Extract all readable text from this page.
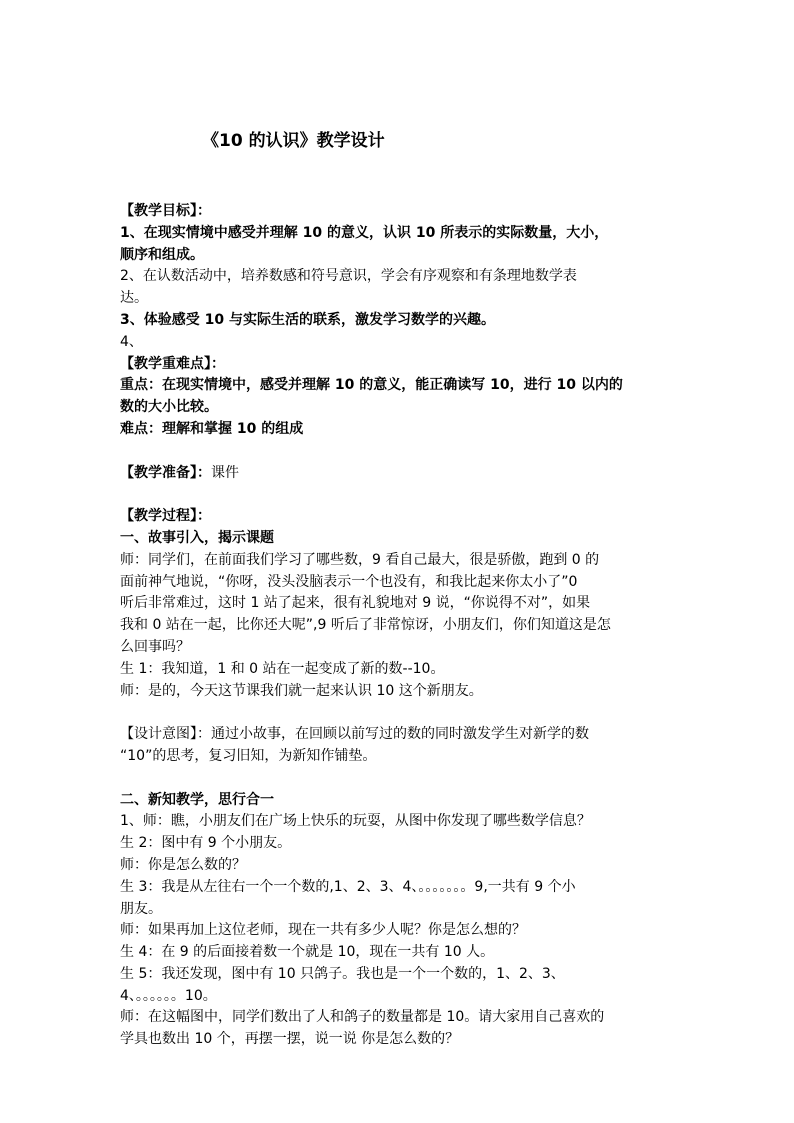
《10 的认识》教学设计

【教学目标】：

1、在现实情境中感受并理解 10 的意义，认识 10 所表示的实际数量，大小，

顺序和组成。

2、在认数活动中，培养数感和符号意识，学会有序观察和有条理地数学表

达。

3、体验感受 10 与实际生活的联系，激发学习数学的兴趣。

4、

【教学重难点】：

重点：在现实情境中，感受并理解 10 的意义，能正确读写 10，进行 10 以内的

数的大小比较。

难点：理解和掌握 10 的组成

【教学准备】：课件

【教学过程】：

一、故事引入，揭示课题

师：同学们，在前面我们学习了哪些数，9 看自己最大，很是骄傲，跑到 0 的

面前神气地说，“你呀，没头没脑表示一个也没有，和我比起来你太小了”0

听后非常难过，这时 1 站了起来，很有礼貌地对 9 说，“你说得不对”，如果

我和 0 站在一起，比你还大呢”,9 听后了非常惊讶，小朋友们，你们知道这是怎

么回事吗？

生 1：我知道，1 和 0 站在一起变成了新的数--10。

师：是的，今天这节课我们就一起来认识 10 这个新朋友。

【设计意图】：通过小故事，在回顾以前写过的数的同时激发学生对新学的数

“10”的思考，复习旧知，为新知作铺垫。

二、新知教学，思行合一

1、师：瞧，小朋友们在广场上快乐的玩耍，从图中你发现了哪些数学信息？

生 2：图中有 9 个小朋友。

师：你是怎么数的？

生 3：我是从左往右一个一个数的,1、2、3、4、。。。。。。。9,一共有 9 个小

朋友。

师：如果再加上这位老师，现在一共有多少人呢？你是怎么想的？

生 4：在 9 的后面接着数一个就是 10，现在一共有 10 人。

生 5：我还发现，图中有 10 只鸽子。我也是一个一个数的，1、2、3、

4、。。。。。。10。

师：在这幅图中，同学们数出了人和鸽子的数量都是 10。请大家用自己喜欢的

学具也数出 10 个，再摆一摆，说一说 你是怎么数的？
